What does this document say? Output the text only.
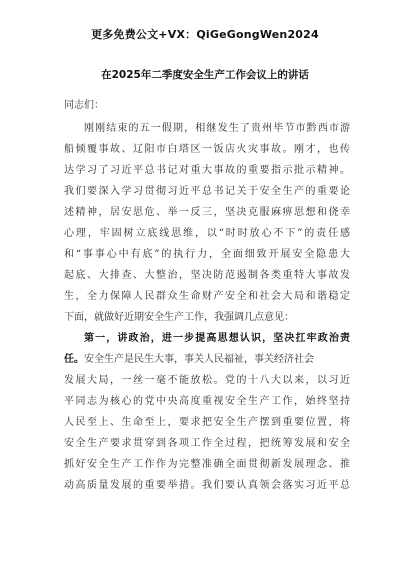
更多免费公文+VX：QiGeGongWen2024
在2025年二季度安全生产工作会议上的讲话
同志们：
刚刚结束的五一假期，相继发生了贵州毕节市黔西市游
船倾覆事故、辽阳市白塔区一饭店火灾事故。刚才，也传
达学习了习近平总书记对重大事故的重要指示批示精神。
我们要深入学习贯彻习近平总书记关于安全生产的重要论
述精神，居安思危、举一反三，坚决克服麻痹思想和侥幸
心理，牢固树立底线思维，以“时时放心不下”的责任感
和“事事心中有底”的执行力，全面细致开展安全隐患大
起底、大排查、大整治，坚决防范遏制各类重特大事故发
生，全力保障人民群众生命财产安全和社会大局和谐稳定
下面，就做好近期安全生产工作，我强调几点意见：
第一，讲政治，进一步提高思想认识，坚决扛牢政治责
任。安全生产是民生大事，事关人民福祉，事关经济社会
发展大局，一丝一毫不能放松。党的十八大以来，以习近
平同志为核心的党中央高度重视安全生产工作，始终坚持
人民至上、生命至上，要求把安全生产摆到重要位置，将
安全生产要求贯穿到各项工作全过程，把统筹发展和安全
抓好安全生产工作作为完整准确全面贯彻新发展理念、推
动高质量发展的重要举措。我们要认真领会落实习近平总
